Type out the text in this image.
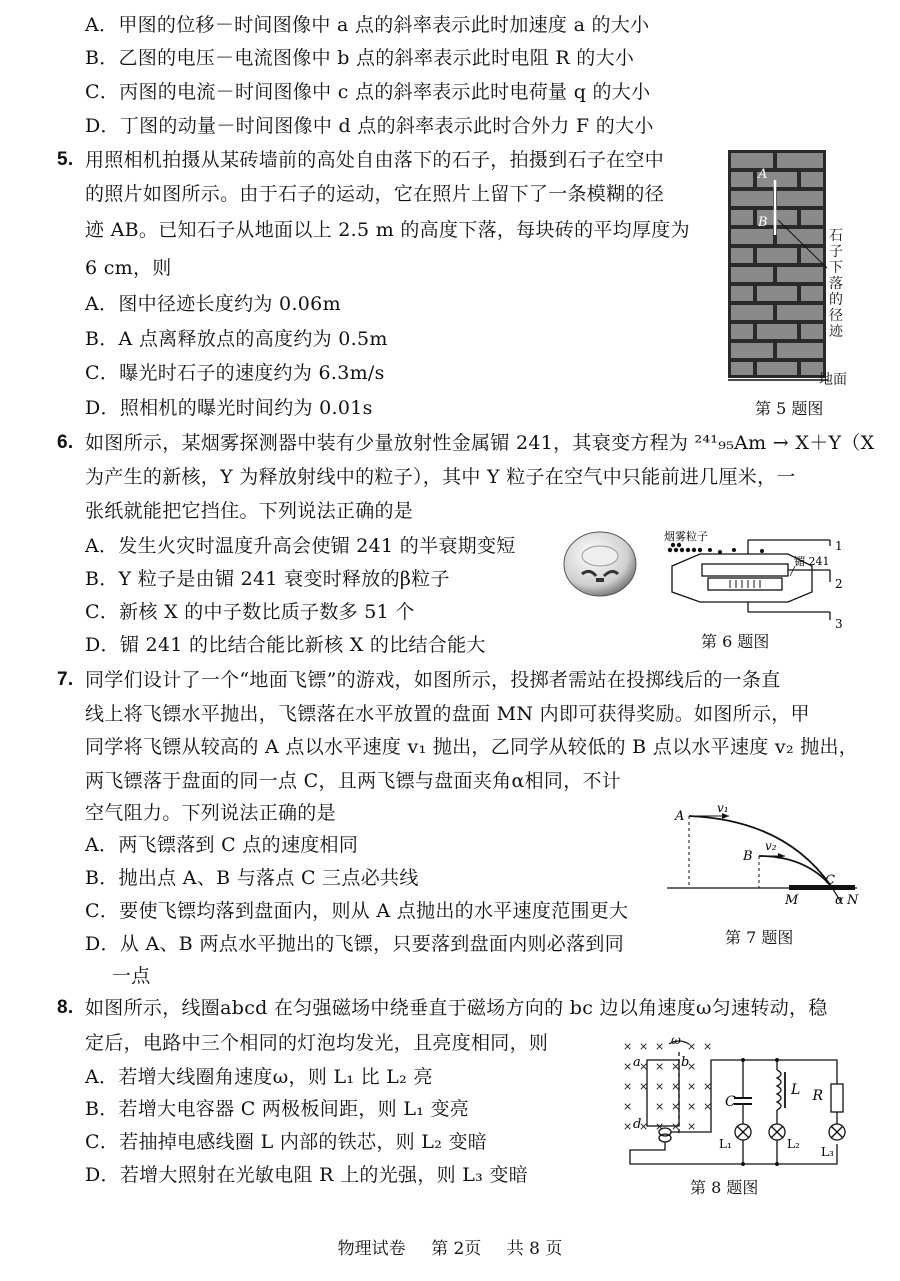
A．甲图的位移－时间图像中 a 点的斜率表示此时加速度 a 的大小
B．乙图的电压－电流图像中 b 点的斜率表示此时电阻 R 的大小
C．丙图的电流－时间图像中 c 点的斜率表示此时电荷量 q 的大小
D．丁图的动量－时间图像中 d 点的斜率表示此时合外力 F 的大小
5. 用照相机拍摄从某砖墙前的高处自由落下的石子，拍摄到石子在空中
的照片如图所示。由于石子的运动，它在照片上留下了一条模糊的径
迹 AB。已知石子从地面以上 2.5 m 的高度下落，每块砖的平均厚度为
6 cm，则
A．图中径迹长度约为 0.06m
B．A 点离释放点的高度约为 0.5m
C．曝光时石子的速度约为 6.3m/s
D．照相机的曝光时间约为 0.01s
A
B
石子下落的径迹
地面
第 5 题图
6. 如图所示，某烟雾探测器中装有少量放射性金属镅 241，其衰变方程为 ²⁴¹₉₅Am → X＋Y（X
为产生的新核，Y 为释放射线中的粒子），其中 Y 粒子在空气中只能前进几厘米，一
张纸就能把它挡住。下列说法正确的是
A．发生火灾时温度升高会使镅 241 的半衰期变短
B．Y 粒子是由镅 241 衰变时释放的β粒子
C．新核 X 的中子数比质子数多 51 个
D．镅 241 的比结合能比新核 X 的比结合能大
烟雾粒子
镅 241
1
2
3
第 6 题图
7. 同学们设计了一个“地面飞镖”的游戏，如图所示，投掷者需站在投掷线后的一条直
线上将飞镖水平抛出，飞镖落在水平放置的盘面 MN 内即可获得奖励。如图所示，甲
同学将飞镖从较高的 A 点以水平速度 v₁ 抛出，乙同学从较低的 B 点以水平速度 v₂ 抛出，
两飞镖落于盘面的同一点 C，且两飞镖与盘面夹角α相同，不计
空气阻力。下列说法正确的是
A．两飞镖落到 C 点的速度相同
B．抛出点 A、B 与落点 C 三点必共线
C．要使飞镖均落到盘面内，则从 A 点抛出的水平速度范围更大
D．从 A、B 两点水平抛出的飞镖，只要落到盘面内则必落到同
一点
A
B
C
M	N
α
v₁
v₂
第 7 题图
8. 如图所示，线圈abcd 在匀强磁场中绕垂直于磁场方向的 bc 边以角速度ω匀速转动，稳
定后，电路中三个相同的灯泡均发光，且亮度相同，则
A．若增大线圈角速度ω，则 L₁ 比 L₂ 亮
B．若增大电容器 C 两极板间距，则 L₁ 变亮
C．若抽掉电感线圈 L 内部的铁芯，则 L₂ 变暗
D．若增大照射在光敏电阻 R 上的光强，则 L₃ 变暗
× × × × ×
× × × × ×
× × × × × ×
× × × × ×
× × × × ×
ω
a	b
d
C
L R
L₁	L₂
L₃
第 8 题图
物理试卷 第 2页 共 8 页
